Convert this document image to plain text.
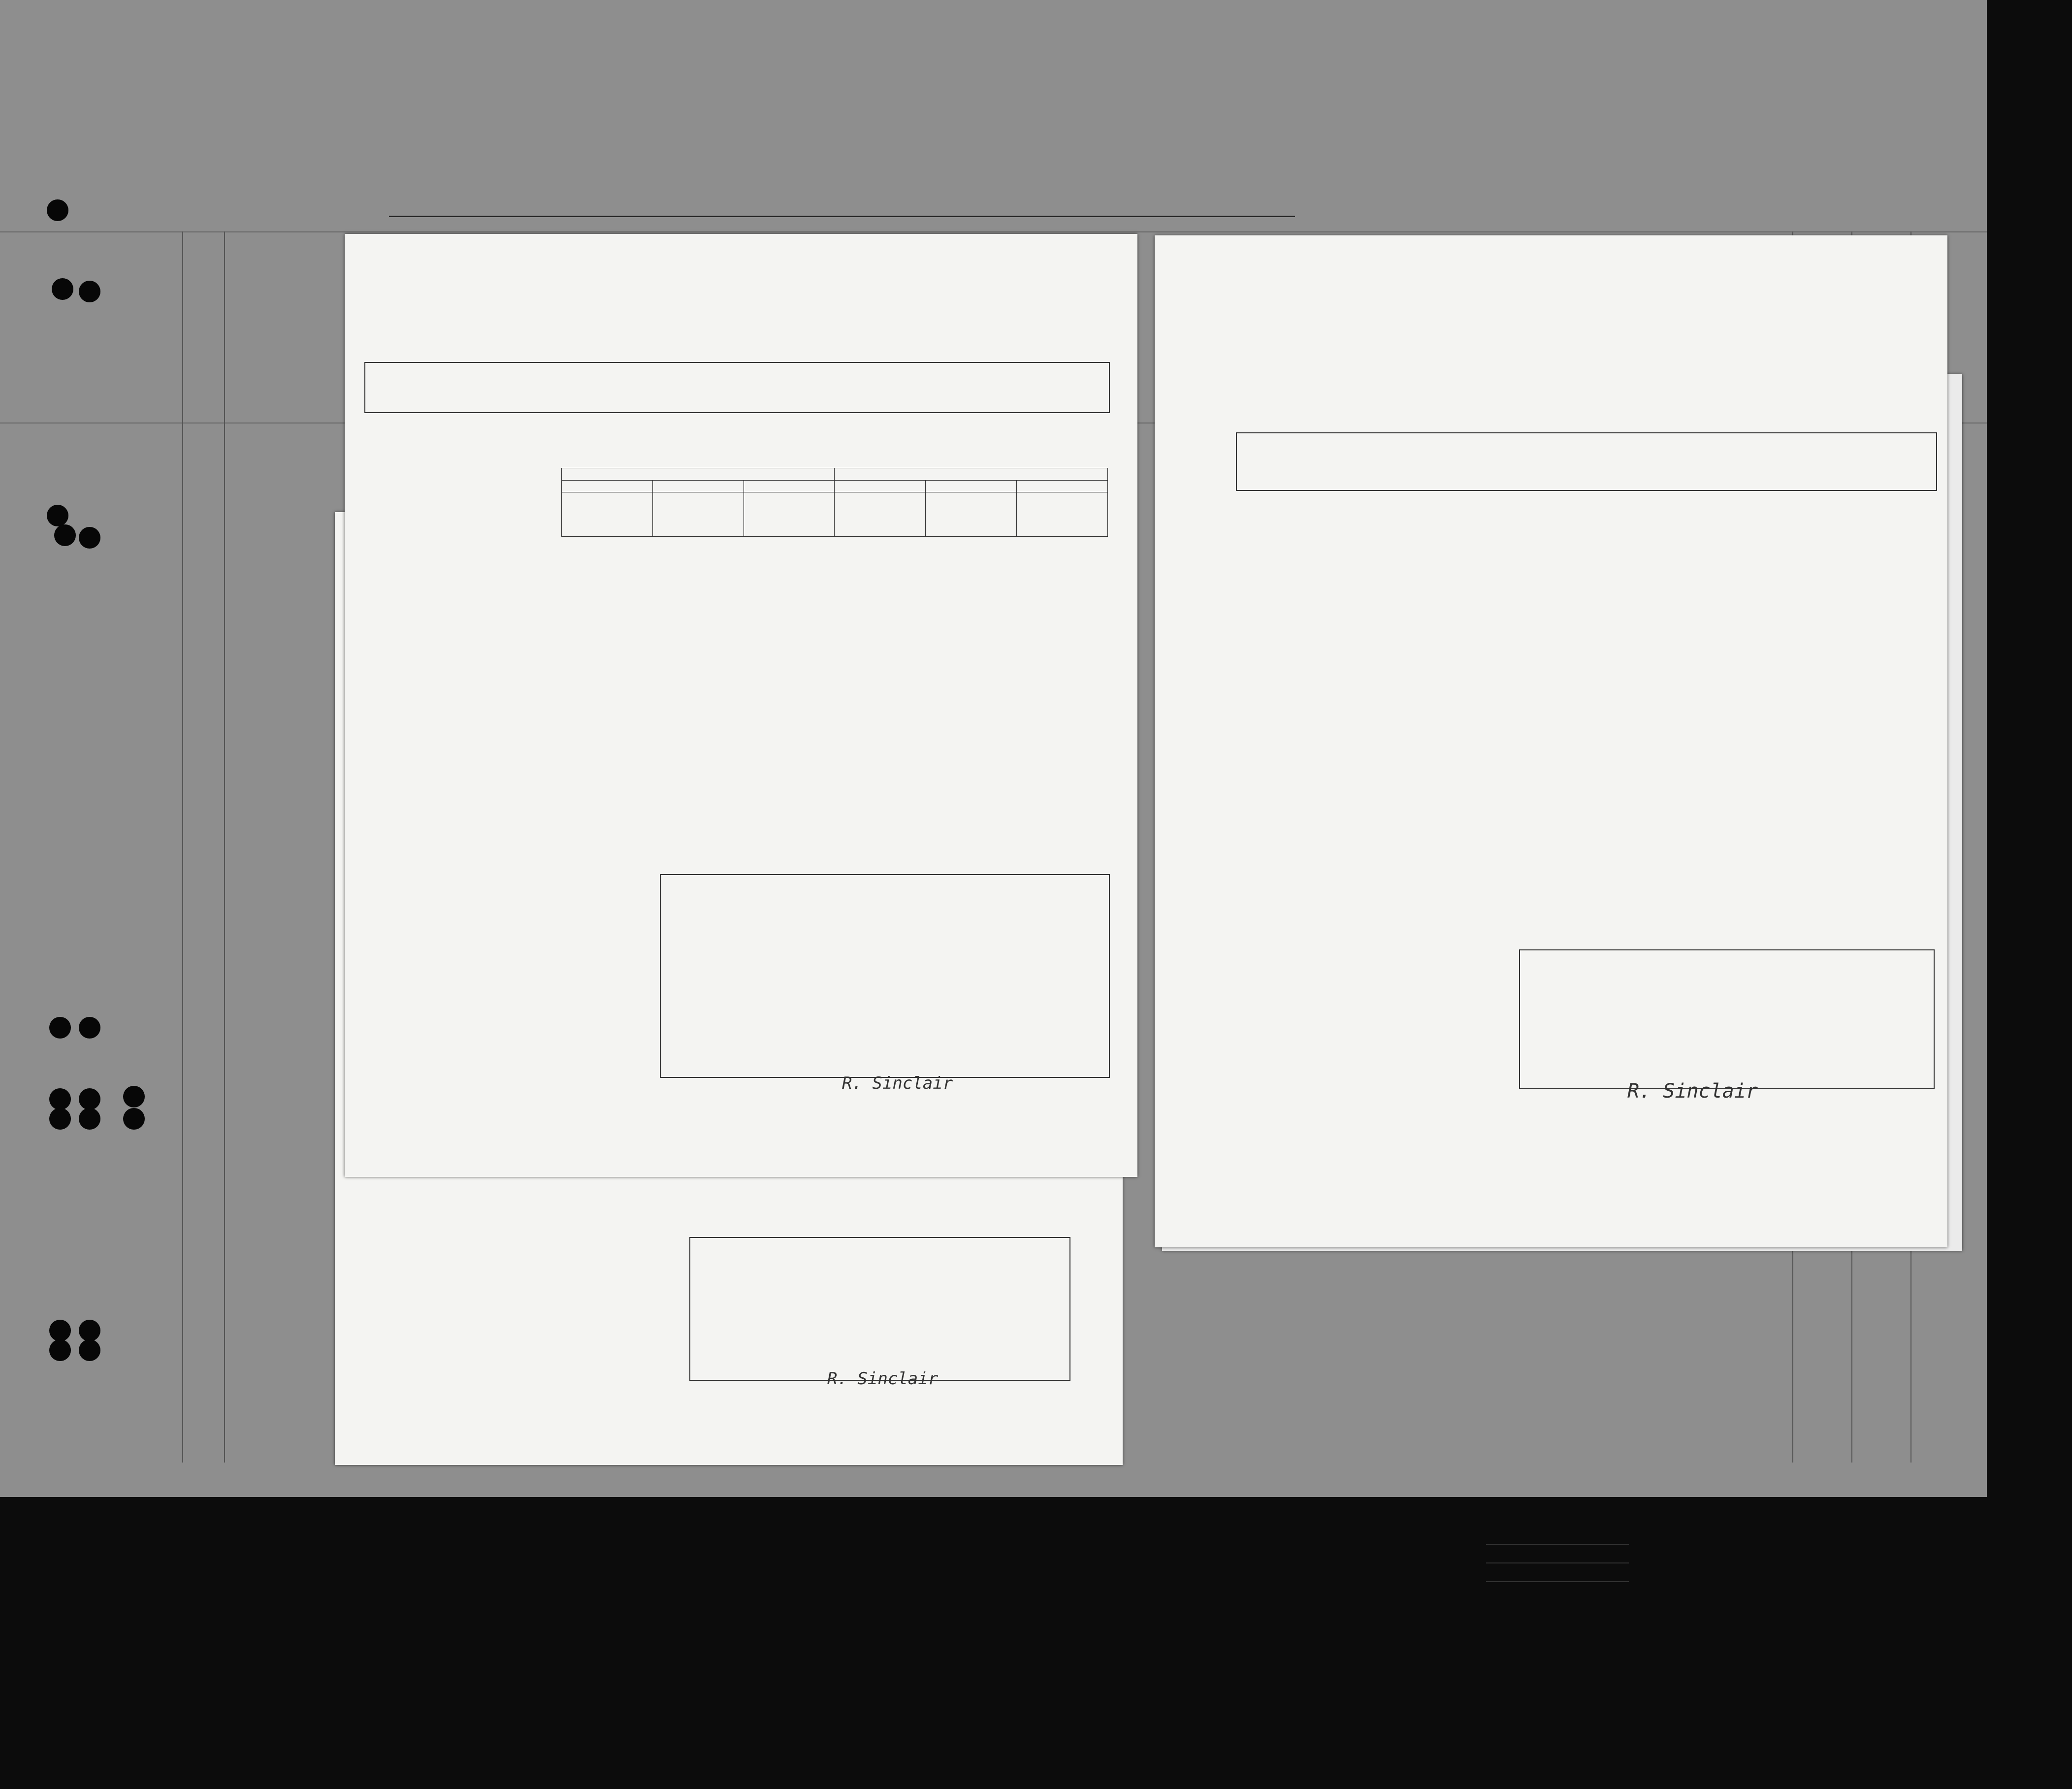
R. Sinclair

R. Sinclair	R. Sinclair
